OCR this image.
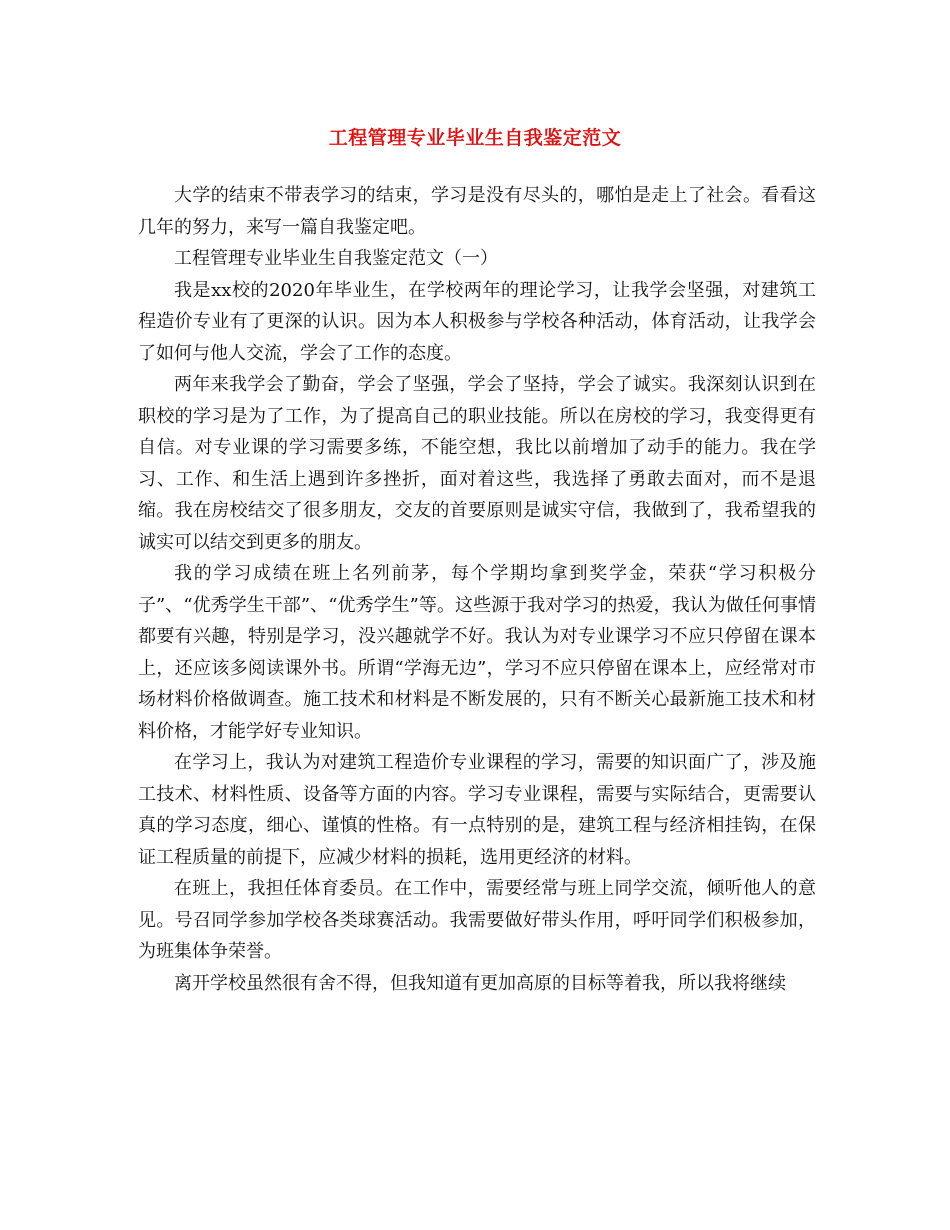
工程管理专业毕业生自我鉴定范文

大学的结束不带表学习的结束，学习是没有尽头的，哪怕是走上了社会。看看这几年的努力，来写一篇自我鉴定吧。

工程管理专业毕业生自我鉴定范文（一）

我是xx校的2020年毕业生，在学校两年的理论学习，让我学会坚强，对建筑工程造价专业有了更深的认识。因为本人积极参与学校各种活动，体育活动，让我学会了如何与他人交流，学会了工作的态度。

两年来我学会了勤奋，学会了坚强，学会了坚持，学会了诚实。我深刻认识到在职校的学习是为了工作，为了提高自己的职业技能。所以在房校的学习，我变得更有自信。对专业课的学习需要多练，不能空想，我比以前增加了动手的能力。我在学习、工作、和生活上遇到许多挫折，面对着这些，我选择了勇敢去面对，而不是退缩。我在房校结交了很多朋友，交友的首要原则是诚实守信，我做到了，我希望我的诚实可以结交到更多的朋友。

我的学习成绩在班上名列前茅，每个学期均拿到奖学金，荣获“学习积极分子”、“优秀学生干部”、“优秀学生”等。这些源于我对学习的热爱，我认为做任何事情都要有兴趣，特别是学习，没兴趣就学不好。我认为对专业课学习不应只停留在课本上，还应该多阅读课外书。所谓“学海无边”，学习不应只停留在课本上，应经常对市场材料价格做调查。施工技术和材料是不断发展的，只有不断关心最新施工技术和材料价格，才能学好专业知识。

在学习上，我认为对建筑工程造价专业课程的学习，需要的知识面广了，涉及施工技术、材料性质、设备等方面的内容。学习专业课程，需要与实际结合，更需要认真的学习态度，细心、谨慎的性格。有一点特别的是，建筑工程与经济相挂钩，在保证工程质量的前提下，应减少材料的损耗，选用更经济的材料。

在班上，我担任体育委员。在工作中，需要经常与班上同学交流，倾听他人的意见。号召同学参加学校各类球赛活动。我需要做好带头作用，呼吁同学们积极参加，为班集体争荣誉。

离开学校虽然很有舍不得，但我知道有更加高原的目标等着我，所以我将继续
